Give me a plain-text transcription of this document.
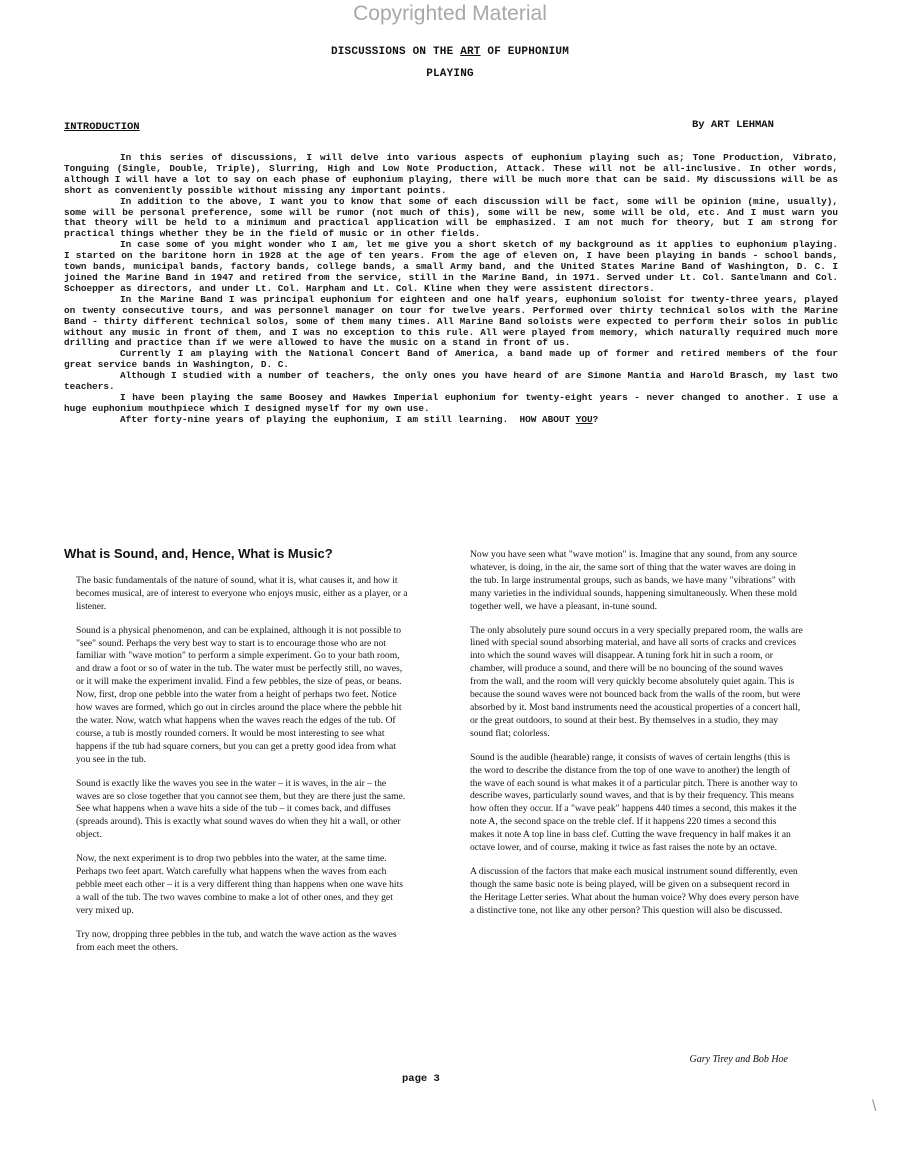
Copyrighted Material
DISCUSSIONS ON THE ART OF EUPHONIUM
PLAYING
INTRODUCTION	By ART LEHMAN

In this series of discussions, I will delve into various aspects of euphonium playing such as; Tone Production, Vibrato, Tonguing (Single, Double, Triple), Slurring, High and Low Note Production, Attack. These will not be all-inclusive. In other words, although I will have a lot to say on each phase of euphonium playing, there will be much more that can be said. My discussions will be as short as conveniently possible without missing any important points.

In addition to the above, I want you to know that some of each discussion will be fact, some will be opinion (mine, usually), some will be personal preference, some will be rumor (not much of this), some will be new, some will be old, etc. And I must warn you that theory will be held to a minimum and practical application will be emphasized. I am not much for theory, but I am strong for practical things whether they be in the field of music or in other fields.

In case some of you might wonder who I am, let me give you a short sketch of my background as it applies to euphonium playing. I started on the baritone horn in 1928 at the age of ten years. From the age of eleven on, I have been playing in bands - school bands, town bands, municipal bands, factory bands, college bands, a small Army band, and the United States Marine Band of Washington, D. C. I joined the Marine Band in 1947 and retired from the service, still in the Marine Band, in 1971. Served under Lt. Col. Santelmann and Col. Schoepper as directors, and under Lt. Col. Harpham and Lt. Col. Kline when they were assistent directors.

In the Marine Band I was principal euphonium for eighteen and one half years, euphonium soloist for twenty-three years, played on twenty consecutive tours, and was personnel manager on tour for twelve years. Performed over thirty technical solos with the Marine Band - thirty different technical solos, some of them many times. All Marine Band soloists were expected to perform their solos in public without any music in front of them, and I was no exception to this rule. All were played from memory, which naturally required much more drilling and practice than if we were allowed to have the music on a stand in front of us.

Currently I am playing with the National Concert Band of America, a band made up of former and retired members of the four great service bands in Washington, D. C.

Although I studied with a number of teachers, the only ones you have heard of are Simone Mantia and Harold Brasch, my last two teachers.

I have been playing the same Boosey and Hawkes Imperial euphonium for twenty-eight years - never changed to another. I use a huge euphonium mouthpiece which I designed myself for my own use.

After forty-nine years of playing the euphonium, I am still learning. HOW ABOUT YOU?

What is Sound, and, Hence, What is Music?

The basic fundamentals of the nature of sound, what it is, what causes it, and how it becomes musical, are of interest to everyone who enjoys music, either as a player, or a listener.

Sound is a physical phenomenon, and can be explained, although it is not possible to "see" sound. Perhaps the very best way to start is to encourage those who are not familiar with "wave motion" to perform a simple experiment. Go to your bath room, and draw a foot or so of water in the tub. The water must be perfectly still, no waves, or it will make the experiment invalid. Find a few pebbles, the size of peas, or beans. Now, first, drop one pebble into the water from a height of perhaps two feet. Notice how waves are formed, which go out in circles around the place where the pebble hit the water. Now, watch what happens when the waves reach the edges of the tub. Of course, a tub is mostly rounded corners. It would be most interesting to see what happens if the tub had square corners, but you can get a pretty good idea from what you see in the tub.

Sound is exactly like the waves you see in the water – it is waves, in the air – the waves are so close together that you cannot see them, but they are there just the same. See what happens when a wave hits a side of the tub – it comes back, and diffuses (spreads around). This is exactly what sound waves do when they hit a wall, or other object.

Now, the next experiment is to drop two pebbles into the water, at the same time. Perhaps two feet apart. Watch carefully what happens when the waves from each pebble meet each other – it is a very different thing than happens when one wave hits a wall of the tub. The two waves combine to make a lot of other ones, and they get very mixed up.

Try now, dropping three pebbles in the tub, and watch the wave action as the waves from each meet the others.

Now you have seen what "wave motion" is. Imagine that any sound, from any source whatever, is doing, in the air, the same sort of thing that the water waves are doing in the tub. In large instrumental groups, such as bands, we have many "vibrations" with many varieties in the individual sounds, happening simultaneously. When these mold together well, we have a pleasant, in-tune sound.

The only absolutely pure sound occurs in a very specially prepared room, the walls are lined with special sound absorbing material, and have all sorts of cracks and crevices into which the sound waves will disappear. A tuning fork hit in such a room, or chamber, will produce a sound, and there will be no bouncing of the sound waves from the wall, and the room will very quickly become absolutely quiet again. This is because the sound waves were not bounced back from the walls of the room, but were absorbed by it. Most band instruments need the acoustical properties of a concert hall, or the great outdoors, to sound at their best. By themselves in a studio, they may sound flat; colorless.

Sound is the audible (hearable) range, it consists of waves of certain lengths (this is the word to describe the distance from the top of one wave to another) the length of the wave of each sound is what makes it of a particular pitch. There is another way to describe waves, particularly sound waves, and that is by their frequency. This means how often they occur. If a "wave peak" happens 440 times a second, this makes it the note A, the second space on the treble clef. If it happens 220 times a second this makes it note A top line in bass clef. Cutting the wave frequency in half makes it an octave lower, and of course, making it twice as fast raises the note by an octave.

A discussion of the factors that make each musical instrument sound differently, even though the same basic note is being played, will be given on a subsequent record in the Heritage Letter series. What about the human voice? Why does every person have a distinctive tone, not like any other person? This question will also be discussed.

Gary Tirey and Bob Hoe
page 3
\
